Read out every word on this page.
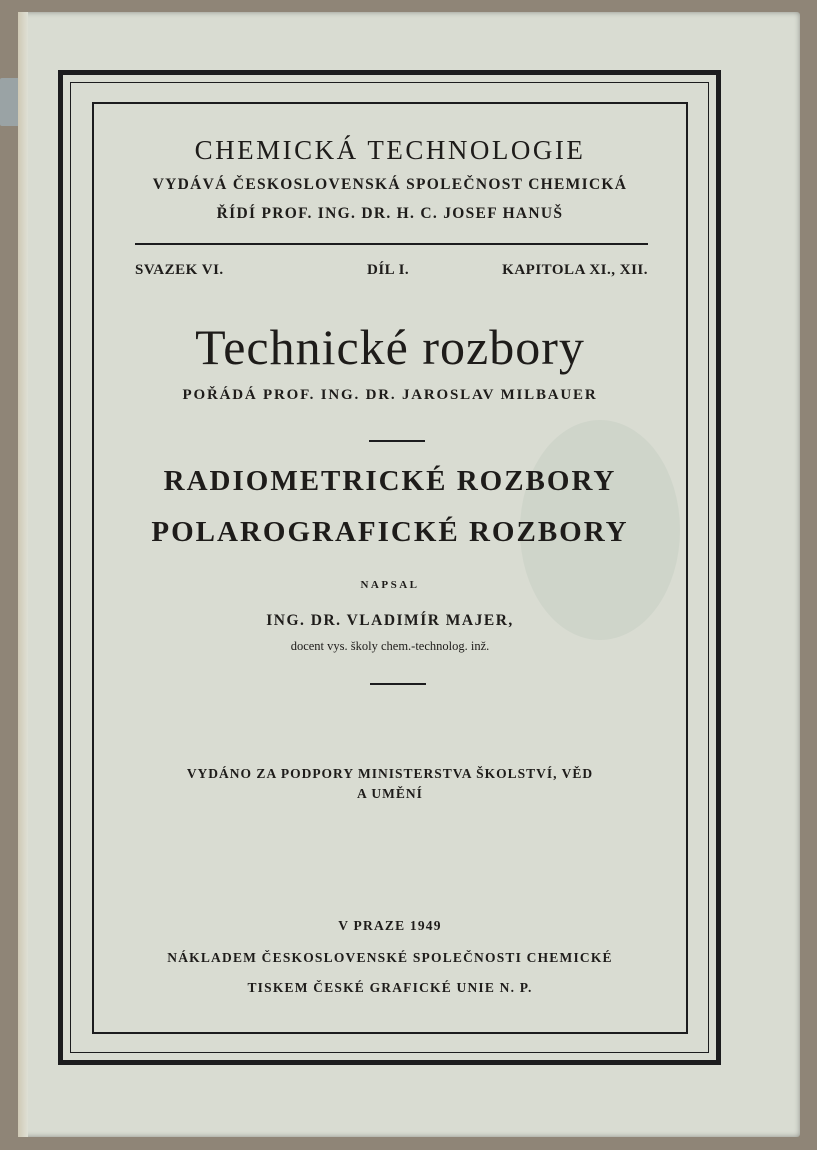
CHEMICKÁ TECHNOLOGIE
VYDÁVÁ ČESKOSLOVENSKÁ SPOLEČNOST CHEMICKÁ
ŘÍDÍ PROF. ING. DR. H. C. JOSEF HANUŠ
SVAZEK VI.	DÍL I.	KAPITOLA XI., XII.
Technické rozbory
POŘÁDÁ PROF. ING. DR. JAROSLAV MILBAUER
RADIOMETRICKÉ ROZBORY
POLAROGRAFICKÉ ROZBORY
NAPSAL
ING. DR. VLADIMÍR MAJER,
docent vys. školy chem.-technolog. inž.
VYDÁNO ZA PODPORY MINISTERSTVA ŠKOLSTVÍ, VĚD
A UMĚNÍ
V PRAZE 1949
NÁKLADEM ČESKOSLOVENSKÉ SPOLEČNOSTI CHEMICKÉ
TISKEM ČESKÉ GRAFICKÉ UNIE N. P.
